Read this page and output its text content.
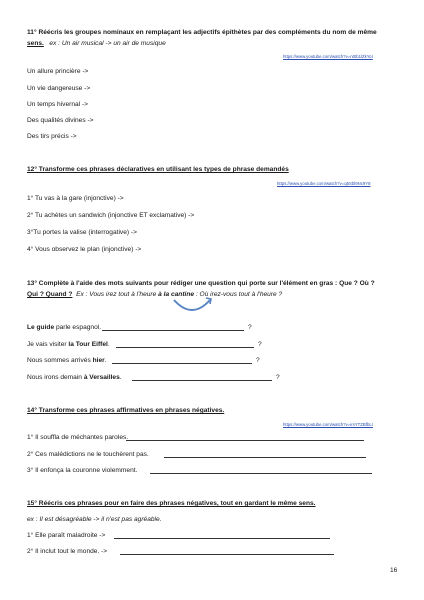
11° Réécris les groupes nominaux en remplaçant les adjectifs épithètes par des compléments du nom de même
sens. ex : Un air musical -> un air de musique
https://www.youtube.com/watch?v=n0Ib1lZkYoI
Un allure princière ->
Un vie dangereuse ->
Un temps hivernal ->
Des qualités divines ->
Des tirs précis ->
12° Transforme ces phrases déclaratives en utilisant les types de phrase demandés
https://www.youtube.com/watch?v=q5Sbl9Nc9Y8
1° Tu vas à la gare (injonctive) ->
2° Tu achètes un sandwich (injonctive ET exclamative) ->
3°Tu portes la valise (interrogative) ->
4° Vous observez le plan (injonctive) ->
13° Complète à l'aide des mots suivants pour rédiger une question qui porte sur l'élément en gras : Que ? Où ?
Qui ? Quand ? Ex : Vous irez tout à l'heure à la cantine : Où irez-vous tout à l'heure ?
Le guide parle espagnol.	?
Je vais visiter la Tour Eiffel.	?
Nous sommes arrivés hier.	?
Nous irons demain à Versailles.	?
14° Transforme ces phrases affirmatives en phrases négatives.
https://www.youtube.com/watch?v=irsYTZBfbLI
1° Il souffla de méchantes paroles.
2° Ces malédictions ne le touchèrent pas.
3° Il enfonça la couronne violemment.
15° Réécris ces phrases pour en faire des phrases négatives, tout en gardant le même sens.
ex : Il est désagréable -> il n'est pas agréable.
1° Elle paraît maladroite ->
2° Il inclut tout le monde. ->
16
